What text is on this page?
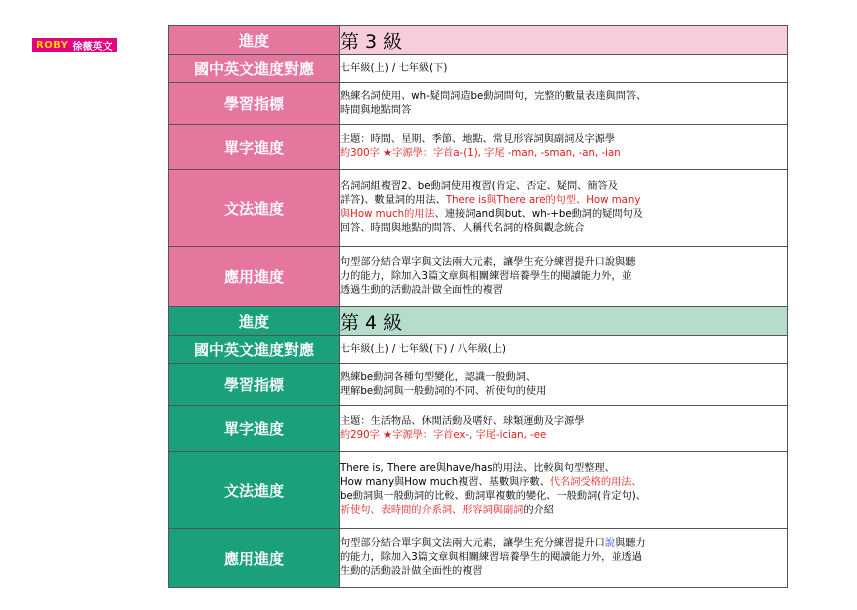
ROBY 徐薇英文	進度	第 3 級
國中英文進度對應	七年級(上) / 七年級(下)
學習指標	熟練名詞使用、wh-疑問詞造be動詞問句，完整的數量表達與問答、
時間與地點問答

單字進度	主題：時間、星期、季節、地點、常見形容詞與副詞及字源學
約300字 ★字源學：字首a-(1), 字尾 -man, -sman, -an, -ian

文法進度	名詞詞組複習2、be動詞使用複習(肯定、否定、疑問、簡答及
詳答)、數量詞的用法、There is與There are的句型、How many
與How much的用法、連接詞and與but、wh-+be動詞的疑問句及
回答、時間與地點的問答、人稱代名詞的格與觀念統合

應用進度	句型部分結合單字與文法兩大元素，讓學生充分練習提升口說與聽
力的能力，除加入3篇文章與相關練習培養學生的閱讀能力外，並
透過生動的活動設計做全面性的複習

進度	第 4 級
國中英文進度對應	七年級(上) / 七年級(下) / 八年級(上)
學習指標	熟練be動詞各種句型變化，認識一般動詞、
理解be動詞與一般動詞的不同、祈使句的使用

單字進度	主題：生活物品、休閒活動及嗜好、球類運動及字源學
約290字 ★字源學：字首ex-, 字尾-ician, -ee

文法進度	There is, There are與have/has的用法、比較與句型整理、
How many與How much複習、基數與序數、代名詞受格的用法、
be動詞與一般動詞的比較、動詞單複數的變化、一般動詞(肯定句)、
祈使句、表時間的介系詞、形容詞與副詞的介紹

應用進度	句型部分結合單字與文法兩大元素，讓學生充分練習提升口說與聽力
的能力，除加入3篇文章與相關練習培養學生的閱讀能力外，並透過
生動的活動設計做全面性的複習
